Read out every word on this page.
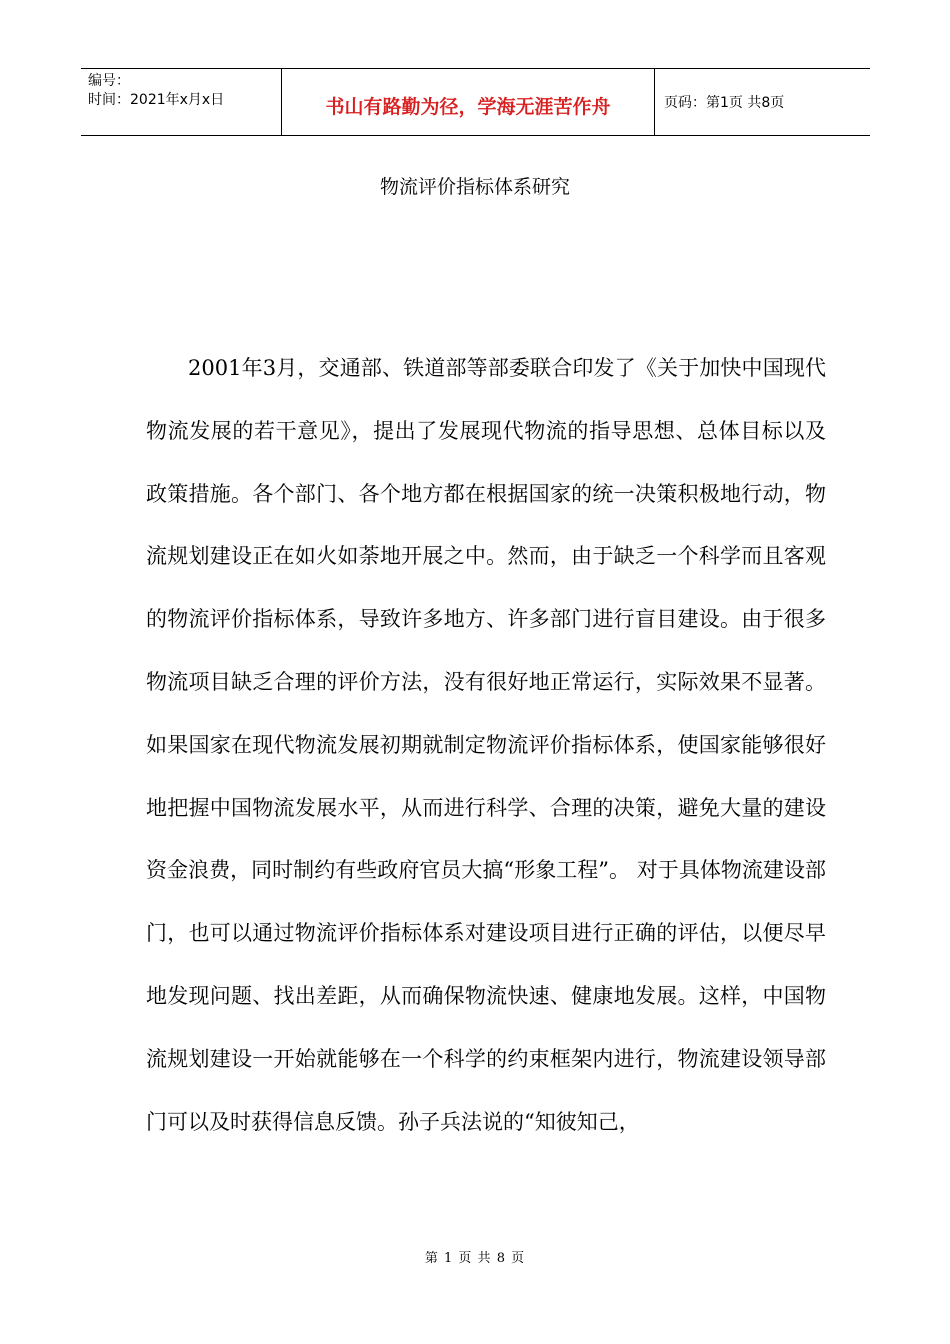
编号：
时间：2021年x月x日	书山有路勤为径，学海无涯苦作舟	页码：第1页 共8页
物流评价指标体系研究

2001年3月，交通部、铁道部等部委联合印发了《关于加快中国现代物流发展的若干意见》，提出了发展现代物流的指导思想、总体目标以及政策措施。各个部门、各个地方都在根据国家的统一决策积极地行动，物流规划建设正在如火如荼地开展之中。然而，由于缺乏一个科学而且客观的物流评价指标体系，导致许多地方、许多部门进行盲目建设。由于很多物流项目缺乏合理的评价方法，没有很好地正常运行，实际效果不显著。如果国家在现代物流发展初期就制定物流评价指标体系，使国家能够很好地把握中国物流发展水平，从而进行科学、合理的决策，避免大量的建设资金浪费，同时制约有些政府官员大搞“形象工程”。 对于具体物流建设部门，也可以通过物流评价指标体系对建设项目进行正确的评估，以便尽早地发现问题、找出差距，从而确保物流快速、健康地发展。这样，中国物流规划建设一开始就能够在一个科学的约束框架内进行，物流建设领导部门可以及时获得信息反馈。孙子兵法说的“知彼知己，

第 1 页 共 8 页
